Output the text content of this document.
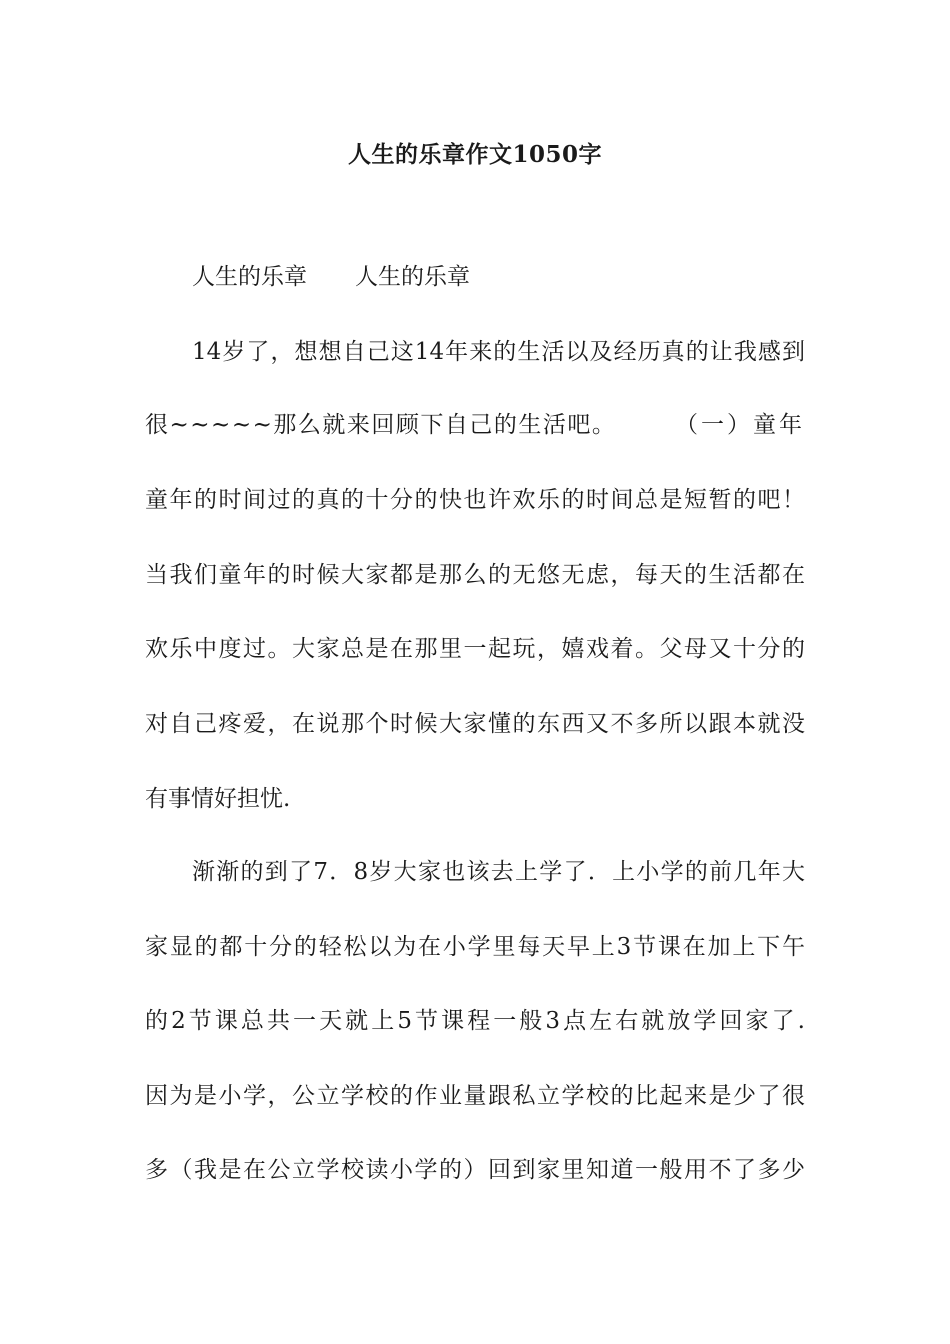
人生的乐章作文1050字
人生的乐章 人生的乐章
14岁了，想想自己这14年来的生活以及经历真的让我感到
很~~~~~那么就来回顾下自己的生活吧。	（一）童年
童年的时间过的真的十分的快也许欢乐的时间总是短暂的吧！
当我们童年的时候大家都是那么的无悠无虑，每天的生活都在
欢乐中度过。大家总是在那里一起玩，嬉戏着。父母又十分的
对自己疼爱，在说那个时候大家懂的东西又不多所以跟本就没
有事情好担忧.
渐渐的到了7．8岁大家也该去上学了．上小学的前几年大
家显的都十分的轻松以为在小学里每天早上3节课在加上下午
的2节课总共一天就上5节课程一般3点左右就放学回家了.
因为是小学，公立学校的作业量跟私立学校的比起来是少了很
多（我是在公立学校读小学的）回到家里知道一般用不了多少
